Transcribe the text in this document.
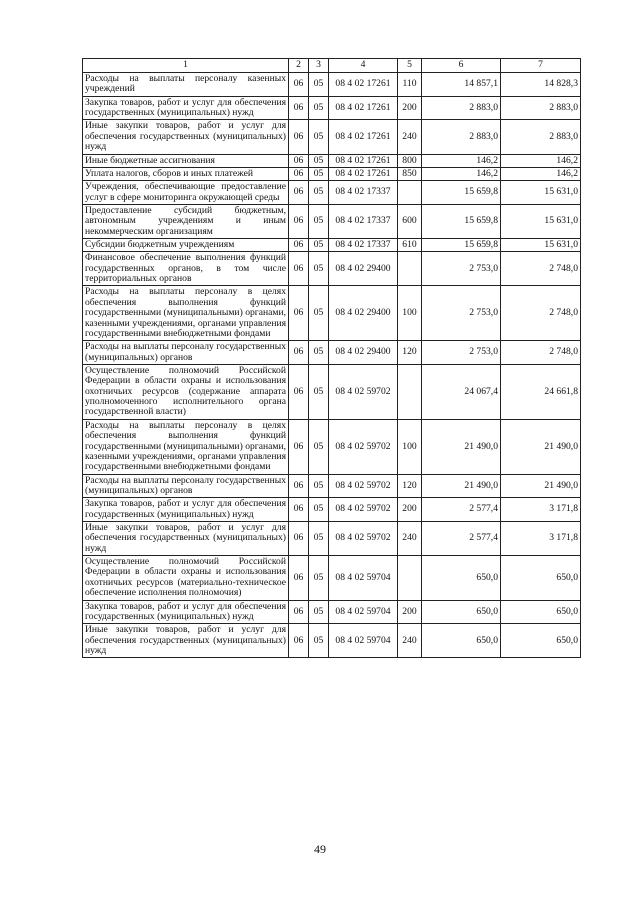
1	2	3	4	5	6	7
Расходы на выплаты персоналу казенных учреждений	06	05	08 4 02 17261	110	14 857,1	14 828,3
Закупка товаров, работ и услуг для обеспечения государственных (муниципальных) нужд	06	05	08 4 02 17261	200	2 883,0	2 883,0
Иные закупки товаров, работ и услуг для обеспечения государственных (муниципальных) нужд	06	05	08 4 02 17261	240	2 883,0	2 883,0
Иные бюджетные ассигнования	06	05	08 4 02 17261	800	146,2	146,2
Уплата налогов, сборов и иных платежей	06	05	08 4 02 17261	850	146,2	146,2
Учреждения, обеспечивающие предоставление услуг в сфере мониторинга окружающей среды	06	05	08 4 02 17337		15 659,8	15 631,0
Предоставление субсидий бюджетным, автономным учреждениям и иным некоммерческим организациям	06	05	08 4 02 17337	600	15 659,8	15 631,0
Субсидии бюджетным учреждениям	06	05	08 4 02 17337	610	15 659,8	15 631,0
Финансовое обеспечение выполнения функций государственных органов, в том числе территориальных органов	06	05	08 4 02 29400		2 753,0	2 748,0
Расходы на выплаты персоналу в целях обеспечения выполнения функций государственными (муниципальными) органами, казенными учреждениями, органами управления государственными внебюджетными фондами	06	05	08 4 02 29400	100	2 753,0	2 748,0
Расходы на выплаты персоналу государственных (муниципальных) органов	06	05	08 4 02 29400	120	2 753,0	2 748,0
Осуществление полномочий Российской Федерации в области охраны и использования охотничьих ресурсов (содержание аппарата уполномоченного исполнительного органа государственной власти)	06	05	08 4 02 59702		24 067,4	24 661,8
Расходы на выплаты персоналу в целях обеспечения выполнения функций государственными (муниципальными) органами, казенными учреждениями, органами управления государственными внебюджетными фондами	06	05	08 4 02 59702	100	21 490,0	21 490,0
Расходы на выплаты персоналу государственных (муниципальных) органов	06	05	08 4 02 59702	120	21 490,0	21 490,0
Закупка товаров, работ и услуг для обеспечения государственных (муниципальных) нужд	06	05	08 4 02 59702	200	2 577,4	3 171,8
Иные закупки товаров, работ и услуг для обеспечения государственных (муниципальных) нужд	06	05	08 4 02 59702	240	2 577,4	3 171,8
Осуществление полномочий Российской Федерации в области охраны и использования охотничьих ресурсов (материально-техническое обеспечение исполнения полномочия)	06	05	08 4 02 59704		650,0	650,0
Закупка товаров, работ и услуг для обеспечения государственных (муниципальных) нужд	06	05	08 4 02 59704	200	650,0	650,0
Иные закупки товаров, работ и услуг для обеспечения государственных (муниципальных) нужд	06	05	08 4 02 59704	240	650,0	650,0
49
